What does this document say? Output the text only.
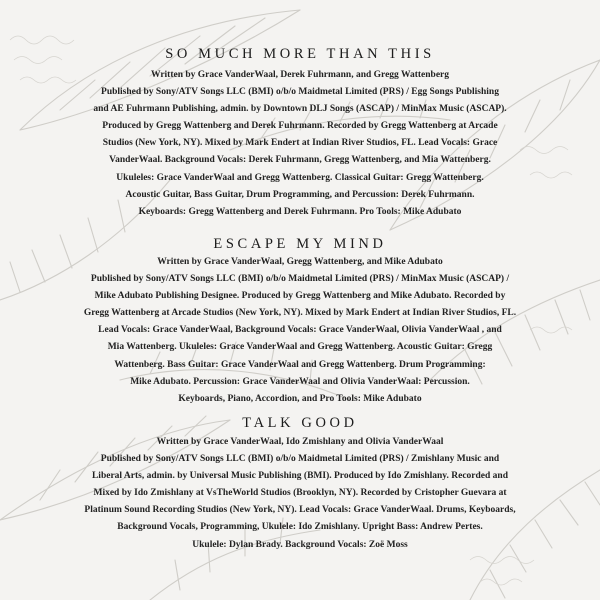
SO MUCH MORE THAN THIS
Written by Grace VanderWaal, Derek Fuhrmann, and Gregg Wattenberg
Published by Sony/ATV Songs LLC (BMI) o/b/o Maidmetal Limited (PRS) / Egg Songs Publishing
and AE Fuhrmann Publishing, admin. by Downtown DLJ Songs (ASCAP) / MinMax Music (ASCAP).
Produced by Gregg Wattenberg and Derek Fuhrmann. Recorded by Gregg Wattenberg at Arcade
Studios (New York, NY). Mixed by Mark Endert at Indian River Studios, FL. Lead Vocals: Grace
VanderWaal. Background Vocals: Derek Fuhrmann, Gregg Wattenberg, and Mia Wattenberg.
Ukuleles: Grace VanderWaal and Gregg Wattenberg. Classical Guitar: Gregg Wattenberg.
Acoustic Guitar, Bass Guitar, Drum Programming, and Percussion: Derek Fuhrmann.
Keyboards: Gregg Wattenberg and Derek Fuhrmann. Pro Tools: Mike Adubato
ESCAPE MY MIND
Written by Grace VanderWaal, Gregg Wattenberg, and Mike Adubato
Published by Sony/ATV Songs LLC (BMI) o/b/o Maidmetal Limited (PRS) / MinMax Music (ASCAP) /
Mike Adubato Publishing Designee. Produced by Gregg Wattenberg and Mike Adubato. Recorded by
Gregg Wattenberg at Arcade Studios (New York, NY). Mixed by Mark Endert at Indian River Studios, FL.
Lead Vocals: Grace VanderWaal, Background Vocals: Grace VanderWaal, Olivia VanderWaal , and
Mia Wattenberg. Ukuleles: Grace VanderWaal and Gregg Wattenberg. Acoustic Guitar: Gregg
Wattenberg. Bass Guitar: Grace VanderWaal and Gregg Wattenberg. Drum Programming:
Mike Adubato. Percussion: Grace VanderWaal and Olivia VanderWaal: Percussion.
Keyboards, Piano, Accordion, and Pro Tools: Mike Adubato
TALK GOOD
Written by Grace VanderWaal, Ido Zmishlany and Olivia VanderWaal
Published by Sony/ATV Songs LLC (BMI) o/b/o Maidmetal Limited (PRS) / Zmishlany Music and
Liberal Arts, admin. by Universal Music Publishing (BMI). Produced by Ido Zmishlany. Recorded and
Mixed by Ido Zmishlany at VsTheWorld Studios (Brooklyn, NY). Recorded by Cristopher Guevara at
Platinum Sound Recording Studios (New York, NY). Lead Vocals: Grace VanderWaal. Drums, Keyboards,
Background Vocals, Programming, Ukulele: Ido Zmishlany. Upright Bass: Andrew Pertes.
Ukulele: Dylan Brady. Background Vocals: Zoë Moss
